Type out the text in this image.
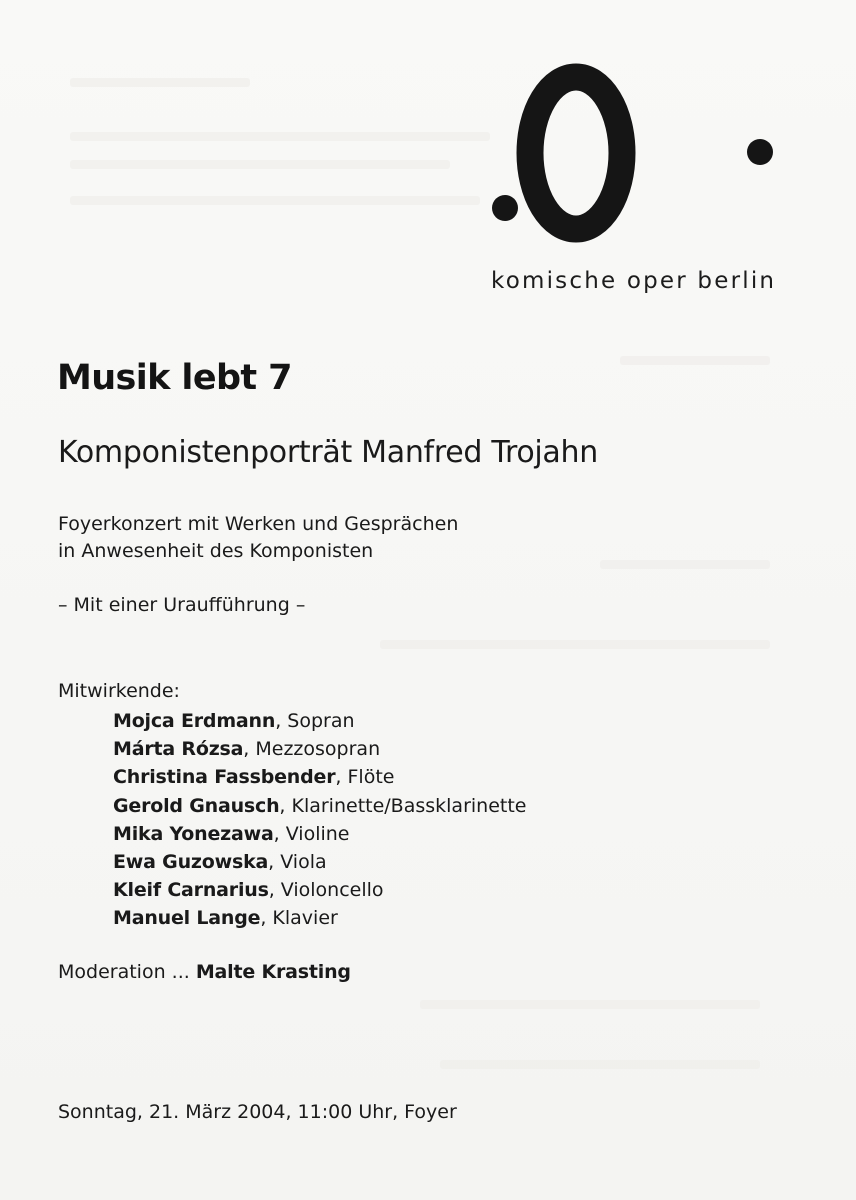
komische oper berlin
Musik lebt 7
Komponistenporträt Manfred Trojahn
Foyerkonzert mit Werken und Gesprächen
in Anwesenheit des Komponisten
– Mit einer Uraufführung –
Mitwirkende:
Mojca Erdmann, Sopran
Márta Rózsa, Mezzosopran
Christina Fassbender, Flöte
Gerold Gnausch, Klarinette/Bassklarinette
Mika Yonezawa, Violine
Ewa Guzowska, Viola
Kleif Carnarius, Violoncello
Manuel Lange, Klavier
Moderation ... Malte Krasting
Sonntag, 21. März 2004, 11:00 Uhr, Foyer
